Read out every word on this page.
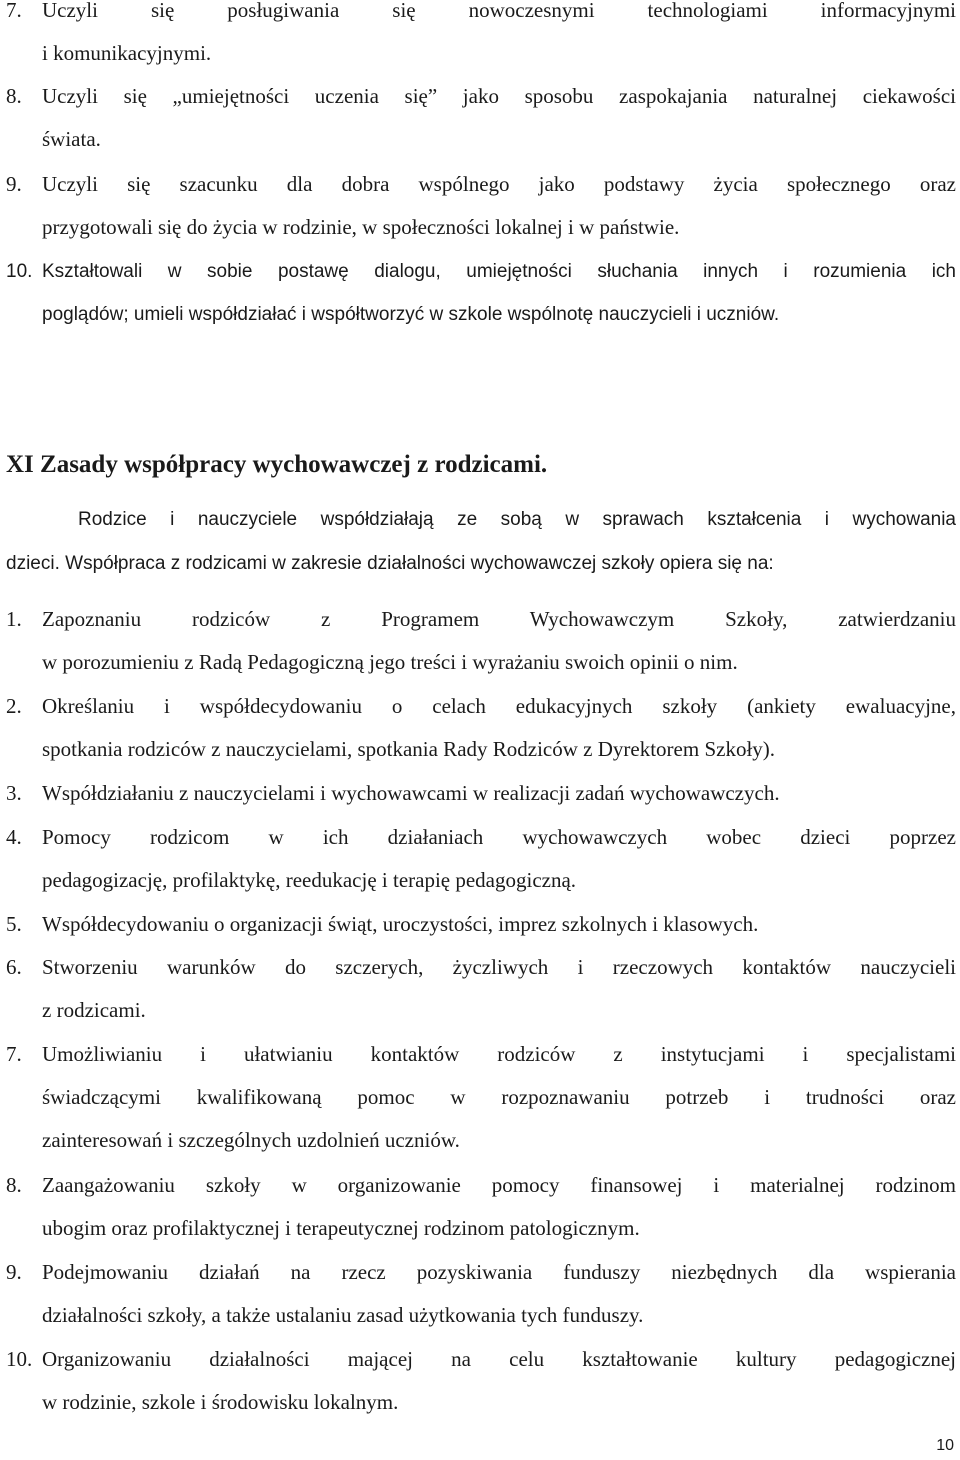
7. Uczyli się posługiwania się nowoczesnymi technologiami informacyjnymi
i komunikacyjnymi.
8. Uczyli się „umiejętności uczenia się” jako sposobu zaspokajania naturalnej ciekawości
świata.
9. Uczyli się szacunku dla dobra wspólnego jako podstawy życia społecznego oraz
przygotowali się do życia w rodzinie, w społeczności lokalnej i w państwie.
10. Kształtowali w sobie postawę dialogu, umiejętności słuchania innych i rozumienia ich
poglądów; umieli współdziałać i współtworzyć w szkole wspólnotę nauczycieli i uczniów.
XI Zasady współpracy wychowawczej z rodzicami.
Rodzice i nauczyciele współdziałają ze sobą w sprawach kształcenia i wychowania
dzieci. Współpraca z rodzicami w zakresie działalności wychowawczej szkoły opiera się na:
1. Zapoznaniu rodziców z Programem Wychowawczym Szkoły, zatwierdzaniu
w porozumieniu z Radą Pedagogiczną jego treści i wyrażaniu swoich opinii o nim.
2. Określaniu i współdecydowaniu o celach edukacyjnych szkoły (ankiety ewaluacyjne,
spotkania rodziców z nauczycielami, spotkania Rady Rodziców z Dyrektorem Szkoły).
3. Współdziałaniu z nauczycielami i wychowawcami w realizacji zadań wychowawczych.
4. Pomocy rodzicom w ich działaniach wychowawczych wobec dzieci poprzez
pedagogizację, profilaktykę, reedukację i terapię pedagogiczną.
5. Współdecydowaniu o organizacji świąt, uroczystości, imprez szkolnych i klasowych.
6. Stworzeniu warunków do szczerych, życzliwych i rzeczowych kontaktów nauczycieli
z rodzicami.
7. Umożliwianiu i ułatwianiu kontaktów rodziców z instytucjami i specjalistami
świadczącymi kwalifikowaną pomoc w rozpoznawaniu potrzeb i trudności oraz
zainteresowań i szczególnych uzdolnień uczniów.
8. Zaangażowaniu szkoły w organizowanie pomocy finansowej i materialnej rodzinom
ubogim oraz profilaktycznej i terapeutycznej rodzinom patologicznym.
9. Podejmowaniu działań na rzecz pozyskiwania funduszy niezbędnych dla wspierania
działalności szkoły, a także ustalaniu zasad użytkowania tych funduszy.
10. Organizowaniu działalności mającej na celu kształtowanie kultury pedagogicznej
w rodzinie, szkole i środowisku lokalnym.
10
